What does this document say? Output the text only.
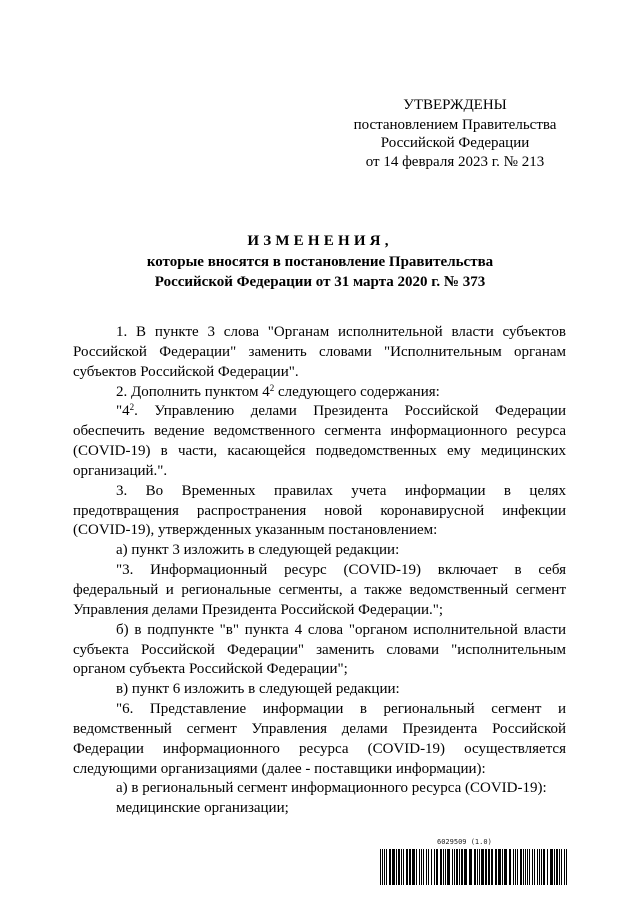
УТВЕРЖДЕНЫ
постановлением Правительства
Российской Федерации
от 14 февраля 2023 г. № 213
ИЗМЕНЕНИЯ,
которые вносятся в постановление Правительства
Российской Федерации от 31 марта 2020 г. № 373

1. В пункте 3 слова "Органам исполнительной власти субъектов Российской Федерации" заменить словами "Исполнительным органам субъектов Российской Федерации".

2. Дополнить пунктом $4^2$ следующего содержания:

"$4^2$. Управлению делами Президента Российской Федерации обеспечить ведение ведомственного сегмента информационного ресурса (COVID-19) в части, касающейся подведомственных ему медицинских организаций.".

3. Во Временных правилах учета информации в целях предотвращения распространения новой коронавирусной инфекции (COVID-19), утвержденных указанным постановлением:

а) пункт 3 изложить в следующей редакции:

"3. Информационный ресурс (COVID-19) включает в себя федеральный и региональные сегменты, а также ведомственный сегмент Управления делами Президента Российской Федерации.";

б) в подпункте "в" пункта 4 слова "органом исполнительной власти субъекта Российской Федерации" заменить словами "исполнительным органом субъекта Российской Федерации";

в) пункт 6 изложить в следующей редакции:

"6. Представление информации в региональный сегмент и ведомственный сегмент Управления делами Президента Российской Федерации информационного ресурса (COVID-19) осуществляется следующими организациями (далее - поставщики информации):

а) в региональный сегмент информационного ресурса (COVID-19):

медицинские организации;

6029509 (1.0)
